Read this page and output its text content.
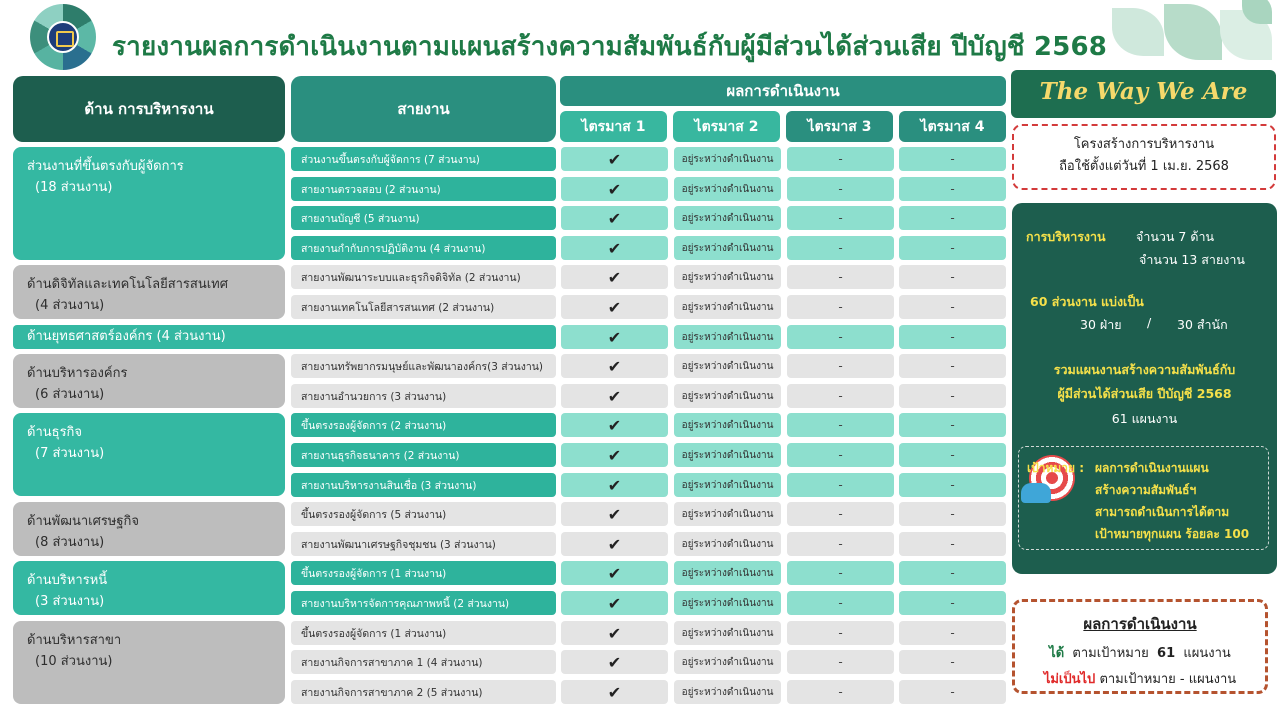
รายงานผลการดำเนินงานตามแผนสร้างความสัมพันธ์กับผู้มีส่วนได้ส่วนเสีย ปีบัญชี 2568
ด้าน การบริหารงาน	สายงาน
ผลการดำเนินงาน
ไตรมาส 1	ไตรมาส 2	ไตรมาส 3	ไตรมาส 4
ส่วนงานที่ขึ้นตรงกับผู้จัดการ
(18 ส่วนงาน)
ส่วนงานขึ้นตรงกับผู้จัดการ (7 ส่วนงาน)	✔	อยู่ระหว่างดำเนินงาน	-	-
สายงานตรวจสอบ (2 ส่วนงาน)	✔	อยู่ระหว่างดำเนินงาน	-	-
สายงานบัญชี (5 ส่วนงาน)	✔	อยู่ระหว่างดำเนินงาน	-	-
สายงานกำกับการปฏิบัติงาน (4 ส่วนงาน)	✔	อยู่ระหว่างดำเนินงาน	-	-
ด้านดิจิทัลและเทคโนโลยีสารสนเทศ
(4 ส่วนงาน)
สายงานพัฒนาระบบและธุรกิจดิจิทัล (2 ส่วนงาน)	✔	อยู่ระหว่างดำเนินงาน	-	-
สายงานเทคโนโลยีสารสนเทศ (2 ส่วนงาน)	✔	อยู่ระหว่างดำเนินงาน	-	-
ด้านยุทธศาสตร์องค์กร (4 ส่วนงาน)	✔	อยู่ระหว่างดำเนินงาน	-	-
ด้านบริหารองค์กร
(6 ส่วนงาน)
สายงานทรัพยากรมนุษย์และพัฒนาองค์กร(3 ส่วนงาน)	✔	อยู่ระหว่างดำเนินงาน	-	-
สายงานอำนวยการ (3 ส่วนงาน)	✔	อยู่ระหว่างดำเนินงาน	-	-
ด้านธุรกิจ
(7 ส่วนงาน)
ขึ้นตรงรองผู้จัดการ (2 ส่วนงาน)	✔	อยู่ระหว่างดำเนินงาน	-	-
สายงานธุรกิจธนาคาร (2 ส่วนงาน)	✔	อยู่ระหว่างดำเนินงาน	-	-
สายงานบริหารงานสินเชื่อ (3 ส่วนงาน)	✔	อยู่ระหว่างดำเนินงาน	-	-
ด้านพัฒนาเศรษฐกิจ
(8 ส่วนงาน)
ขึ้นตรงรองผู้จัดการ (5 ส่วนงาน)	✔	อยู่ระหว่างดำเนินงาน	-	-
สายงานพัฒนาเศรษฐกิจชุมชน (3 ส่วนงาน)	✔	อยู่ระหว่างดำเนินงาน	-	-
ด้านบริหารหนี้
(3 ส่วนงาน)
ขึ้นตรงรองผู้จัดการ (1 ส่วนงาน)	✔	อยู่ระหว่างดำเนินงาน	-	-
สายงานบริหารจัดการคุณภาพหนี้ (2 ส่วนงาน)	✔	อยู่ระหว่างดำเนินงาน	-	-
ด้านบริหารสาขา
(10 ส่วนงาน)
ขึ้นตรงรองผู้จัดการ (1 ส่วนงาน)	✔	อยู่ระหว่างดำเนินงาน	-	-
สายงานกิจการสาขาภาค 1 (4 ส่วนงาน)	✔	อยู่ระหว่างดำเนินงาน	-	-
สายงานกิจการสาขาภาค 2 (5 ส่วนงาน)	✔	อยู่ระหว่างดำเนินงาน	-	-
The Way We Are
โครงสร้างการบริหารงาน
ถือใช้ตั้งแต่วันที่ 1 เม.ย. 2568
การบริหารงาน จำนวน 7 ด้าน
จำนวน 13 สายงาน
60 ส่วนงาน แบ่งเป็น
30 ฝ่าย / 30 สำนัก
รวมแผนงานสร้างความสัมพันธ์กับ
ผู้มีส่วนได้ส่วนเสีย ปีบัญชี 2568
61 แผนงาน
เป้าหมาย : ผลการดำเนินงานแผน
สร้างความสัมพันธ์ฯ
สามารถดำเนินการได้ตาม
เป้าหมายทุกแผน ร้อยละ 100
ผลการดำเนินงาน
ได้ ตามเป้าหมาย 61 แผนงาน
ไม่เป็นไป ตามเป้าหมาย - แผนงาน
